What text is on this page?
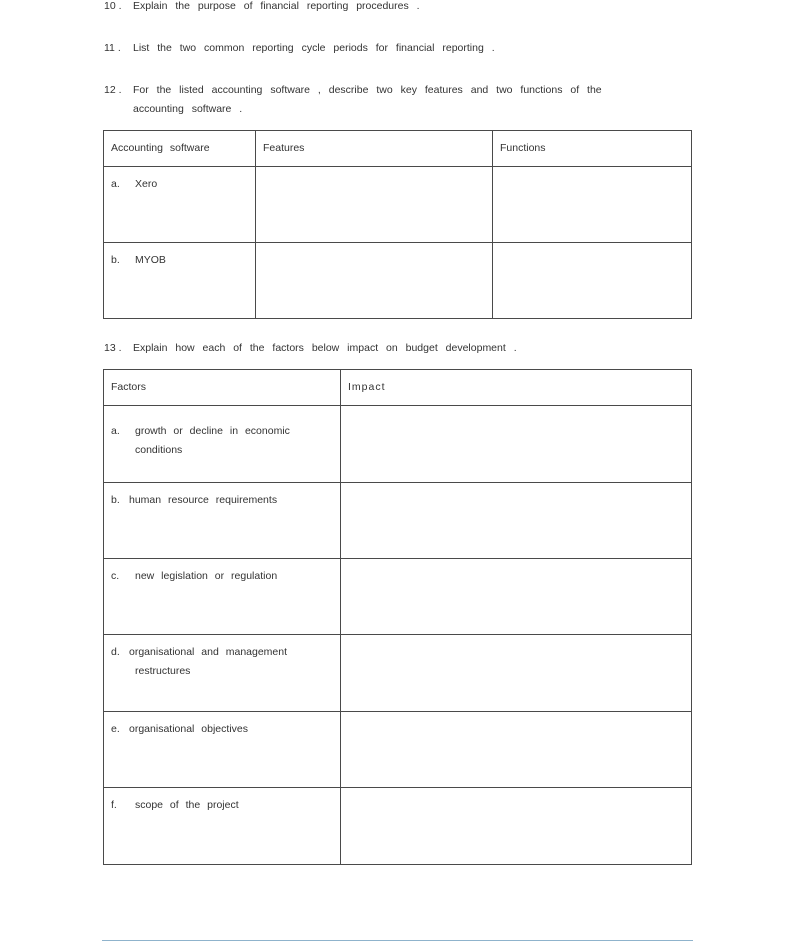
10 . Explain the purpose of financial reporting procedures .
11 . List the two common reporting cycle periods for financial reporting .
12 . For the listed accounting software , describe two key features and two functions of the
accounting software .
Accounting software	Features	Functions
a. Xero		
b. MYOB		
13 . Explain how each of the factors below impact on budget development .
Factors	Impact
a. growth or decline in economic
conditions	

b. human resource requirements	
c. new legislation or regulation	
d. organisational and management
restructures	

e. organisational objectives	
f. scope of the project	
